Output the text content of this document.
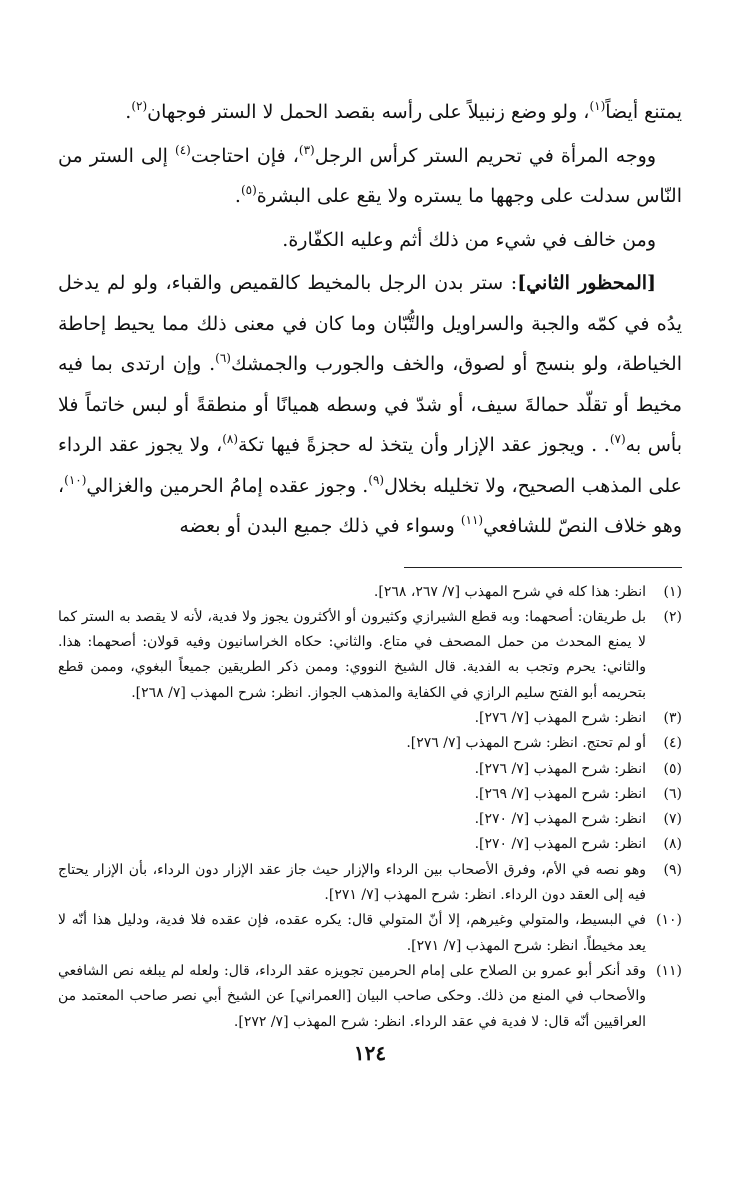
يمتنع أيضاً$^{(١)}$، ولو وضع زنبيلاً على رأسه بقصد الحمل لا الستر فوجهان$^{(٢)}$.

ووجه المرأة في تحريم الستر كرأس الرجل$^{(٣)}$، فإن احتاجت$^{(٤)}$ إلى الستر من النّاس سدلت على وجهها ما يستره ولا يقع على البشرة$^{(٥)}$.

ومن خالف في شيء من ذلك أثم وعليه الكفّارة.

[المحظور الثاني]: ستر بدن الرجل بالمخيط كالقميص والقباء، ولو لم يدخل يدُه في كمّه والجبة والسراويل والتُّبّان وما كان في معنى ذلك مما يحيط إحاطة الخياطة، ولو بنسج أو لصوق، والخف والجورب والجمشك$^{(٦)}$. وإن ارتدى بما فيه مخيط أو تقلّد حمالةَ سيف، أو شدّ في وسطه هميانًا أو منطقةً أو لبس خاتماً فلا بأس به$^{(٧)}$. . ويجوز عقد الإزار وأن يتخذ له حجزةً فيها تكة$^{(٨)}$، ولا يجوز عقد الرداء على المذهب الصحيح، ولا تخليله بخلال$^{(٩)}$. وجوز عقده إمامُ الحرمين والغزالي$^{(١٠)}$، وهو خلاف النصّ للشافعي$^{(١١)}$ وسواء في ذلك جميع البدن أو بعضه

(١)
انظر: هذا كله في شرح المهذب [٧/ ٢٦٧، ٢٦٨].
(٢)
بل طريقان: أصحهما: وبه قطع الشيرازي وكثيرون أو الأكثرون يجوز ولا فدية، لأنه لا يقصد به الستر كما لا يمنع المحدث من حمل المصحف في متاع. والثاني: حكاه الخراسانيون وفيه قولان: أصحهما: هذا. والثاني: يحرم وتجب به الفدية. قال الشيخ النووي: وممن ذكر الطريقين جميعاً البغوي، وممن قطع بتحريمه أبو الفتح سليم الرازي في الكفاية والمذهب الجواز. انظر: شرح المهذب [٧/ ٢٦٨].
(٣)
انظر: شرح المهذب [٧/ ٢٧٦].
(٤)
أو لم تحتج. انظر: شرح المهذب [٧/ ٢٧٦].
(٥)
انظر: شرح المهذب [٧/ ٢٧٦].
(٦)
انظر: شرح المهذب [٧/ ٢٦٩].
(٧)
انظر: شرح المهذب [٧/ ٢٧٠].
(٨)
انظر: شرح المهذب [٧/ ٢٧٠].
(٩)
وهو نصه في الأم، وفرق الأصحاب بين الرداء والإزار حيث جاز عقد الإزار دون الرداء، بأن الإزار يحتاج فيه إلى العقد دون الرداء. انظر: شرح المهذب [٧/ ٢٧١].
(١٠)
في البسيط، والمتولي وغيرهم، إلا أنّ المتولي قال: يكره عقده، فإن عقده فلا فدية، ودليل هذا أنّه لا يعد مخيطاً. انظر: شرح المهذب [٧/ ٢٧١].
(١١)
وقد أنكر أبو عمرو بن الصلاح على إمام الحرمين تجويزه عقد الرداء، قال: ولعله لم يبلغه نص الشافعي والأصحاب في المنع من ذلك. وحكى صاحب البيان [العمراني] عن الشيخ أبي نصر صاحب المعتمد من العراقيين أنّه قال: لا فدية في عقد الرداء. انظر: شرح المهذب [٧/ ٢٧٢].
١٢٤
